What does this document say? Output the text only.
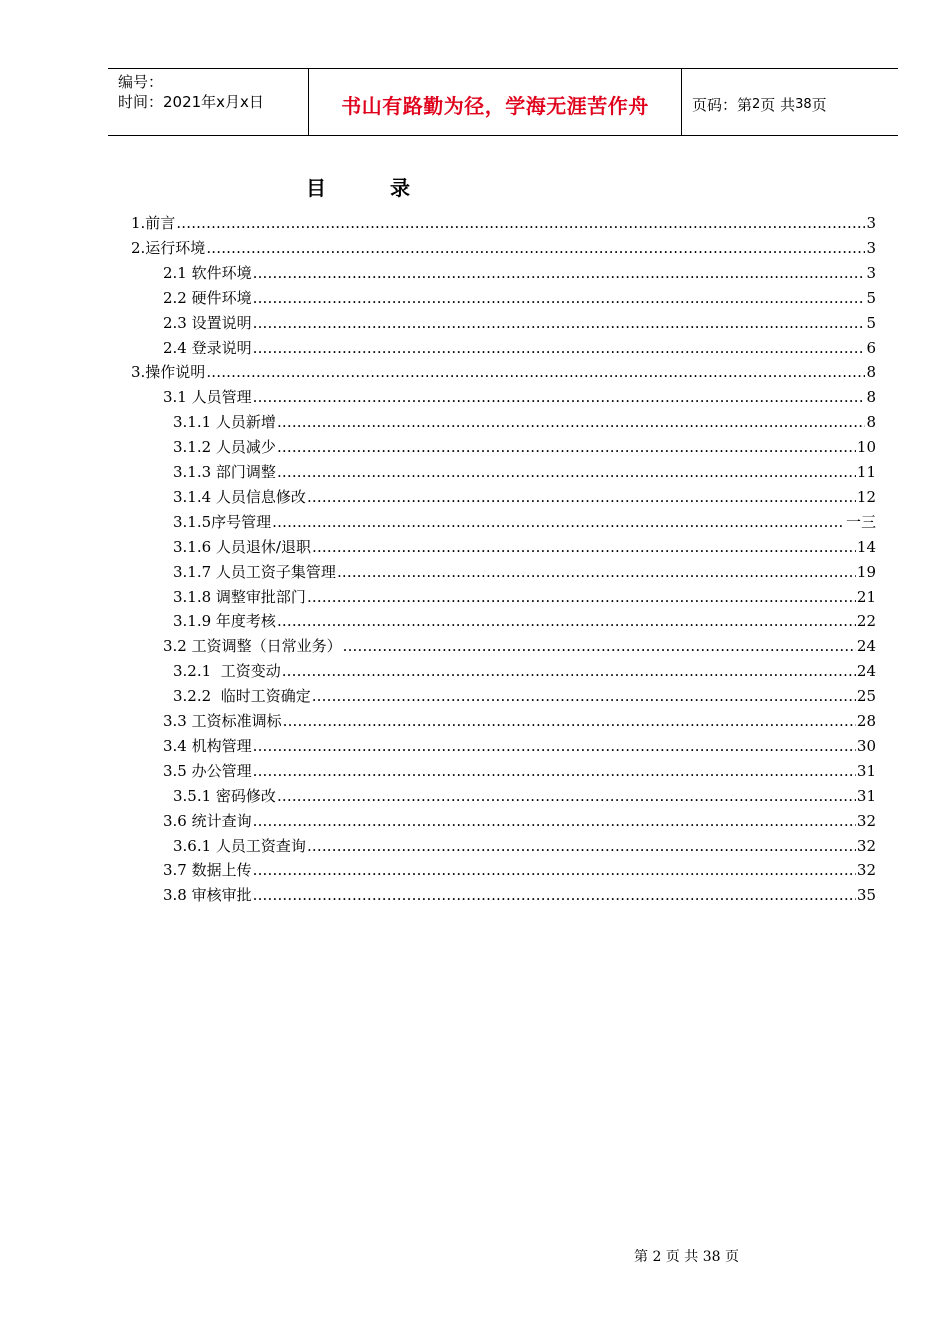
编号：
时间：2021年x月x日	书山有路勤为径，学海无涯苦作舟	页码：第 2 页 共 38 页
目	录
1.前言 .....	3
2.运行环境 .....	3
2.1 软件环境 .....	3
2.2 硬件环境 .....	5
2.3 设置说明 .....	5
2.4 登录说明 .....	6
3.操作说明 .....	8
3.1 人员管理 .....	8
3.1.1 人员新增 .....	8
3.1.2 人员减少 .....	10
3.1.3 部门调整 .....	11
3.1.4 人员信息修改 .....	12
3.1.5序号管理 .....	一三
3.1.6 人员退休/退职 .....	14
3.1.7 人员工资子集管理 .....	19
3.1.8 调整审批部门 .....	21
3.1.9 年度考核 .....	22
3.2 工资调整（日常业务） .....	24
3.2.1  工资变动 .....	24
3.2.2  临时工资确定 .....	25
3.3 工资标准调标 .....	28
3.4 机构管理 .....	30
3.5 办公管理 .....	31
3.5.1 密码修改 .....	31
3.6 统计查询 .....	32
3.6.1 人员工资查询 .....	32
3.7 数据上传 .....	32
3.8 审核审批 .....	35
第 2 页 共 38 页
